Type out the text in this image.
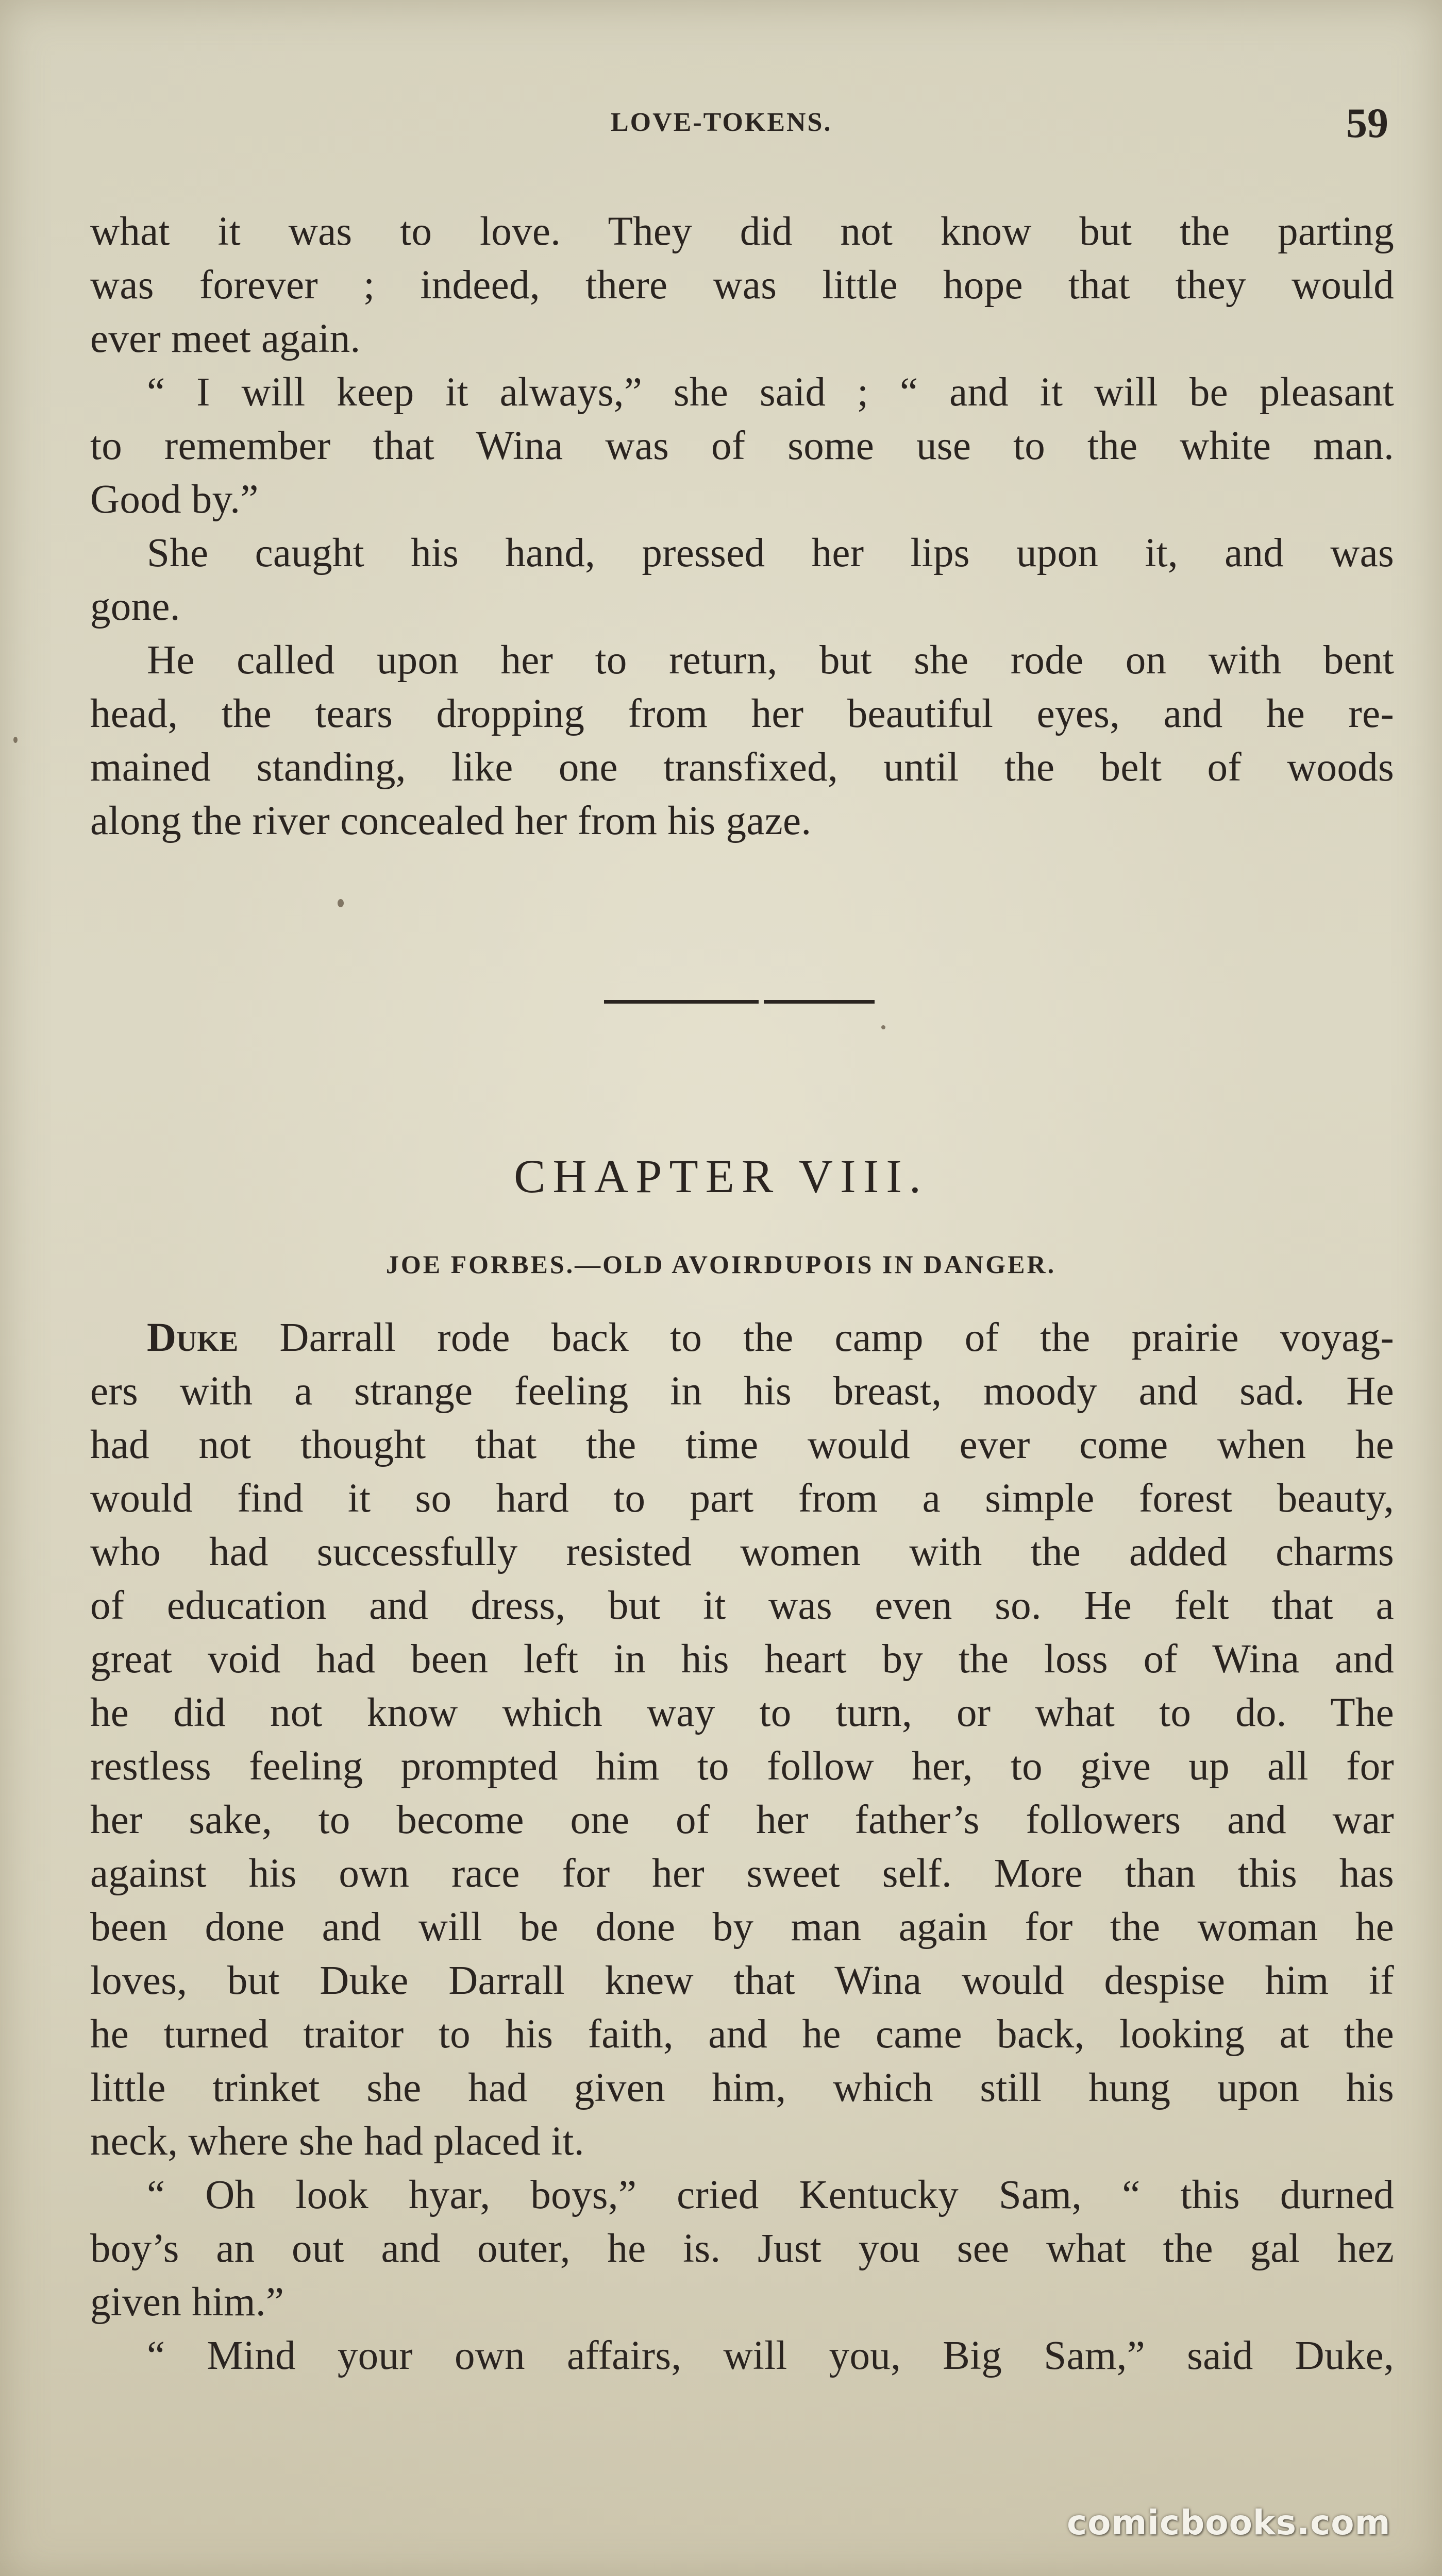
LOVE-TOKENS.	59
what it was to love. They did not know but the parting
was forever ; indeed, there was little hope that they would
ever meet again.
“ I will keep it always,” she said ; “ and it will be pleasant
to remember that Wina was of some use to the white man.
Good by.”
She caught his hand, pressed her lips upon it, and was
gone.
He called upon her to return, but she rode on with bent
head, the tears dropping from her beautiful eyes, and he re-
mained standing, like one transfixed, until the belt of woods
along the river concealed her from his gaze.
CHAPTER VIII.
JOE FORBES.—OLD AVOIRDUPOIS IN DANGER.
Duke Darrall rode back to the camp of the prairie voyag-
ers with a strange feeling in his breast, moody and sad. He
had not thought that the time would ever come when he
would find it so hard to part from a simple forest beauty,
who had successfully resisted women with the added charms
of education and dress, but it was even so. He felt that a
great void had been left in his heart by the loss of Wina and
he did not know which way to turn, or what to do. The
restless feeling prompted him to follow her, to give up all for
her sake, to become one of her father’s followers and war
against his own race for her sweet self. More than this has
been done and will be done by man again for the woman he
loves, but Duke Darrall knew that Wina would despise him if
he turned traitor to his faith, and he came back, looking at the
little trinket she had given him, which still hung upon his
neck, where she had placed it.
“ Oh look hyar, boys,” cried Kentucky Sam, “ this durned
boy’s an out and outer, he is. Just you see what the gal hez
given him.”
“ Mind your own affairs, will you, Big Sam,” said Duke,
comicbooks.com
